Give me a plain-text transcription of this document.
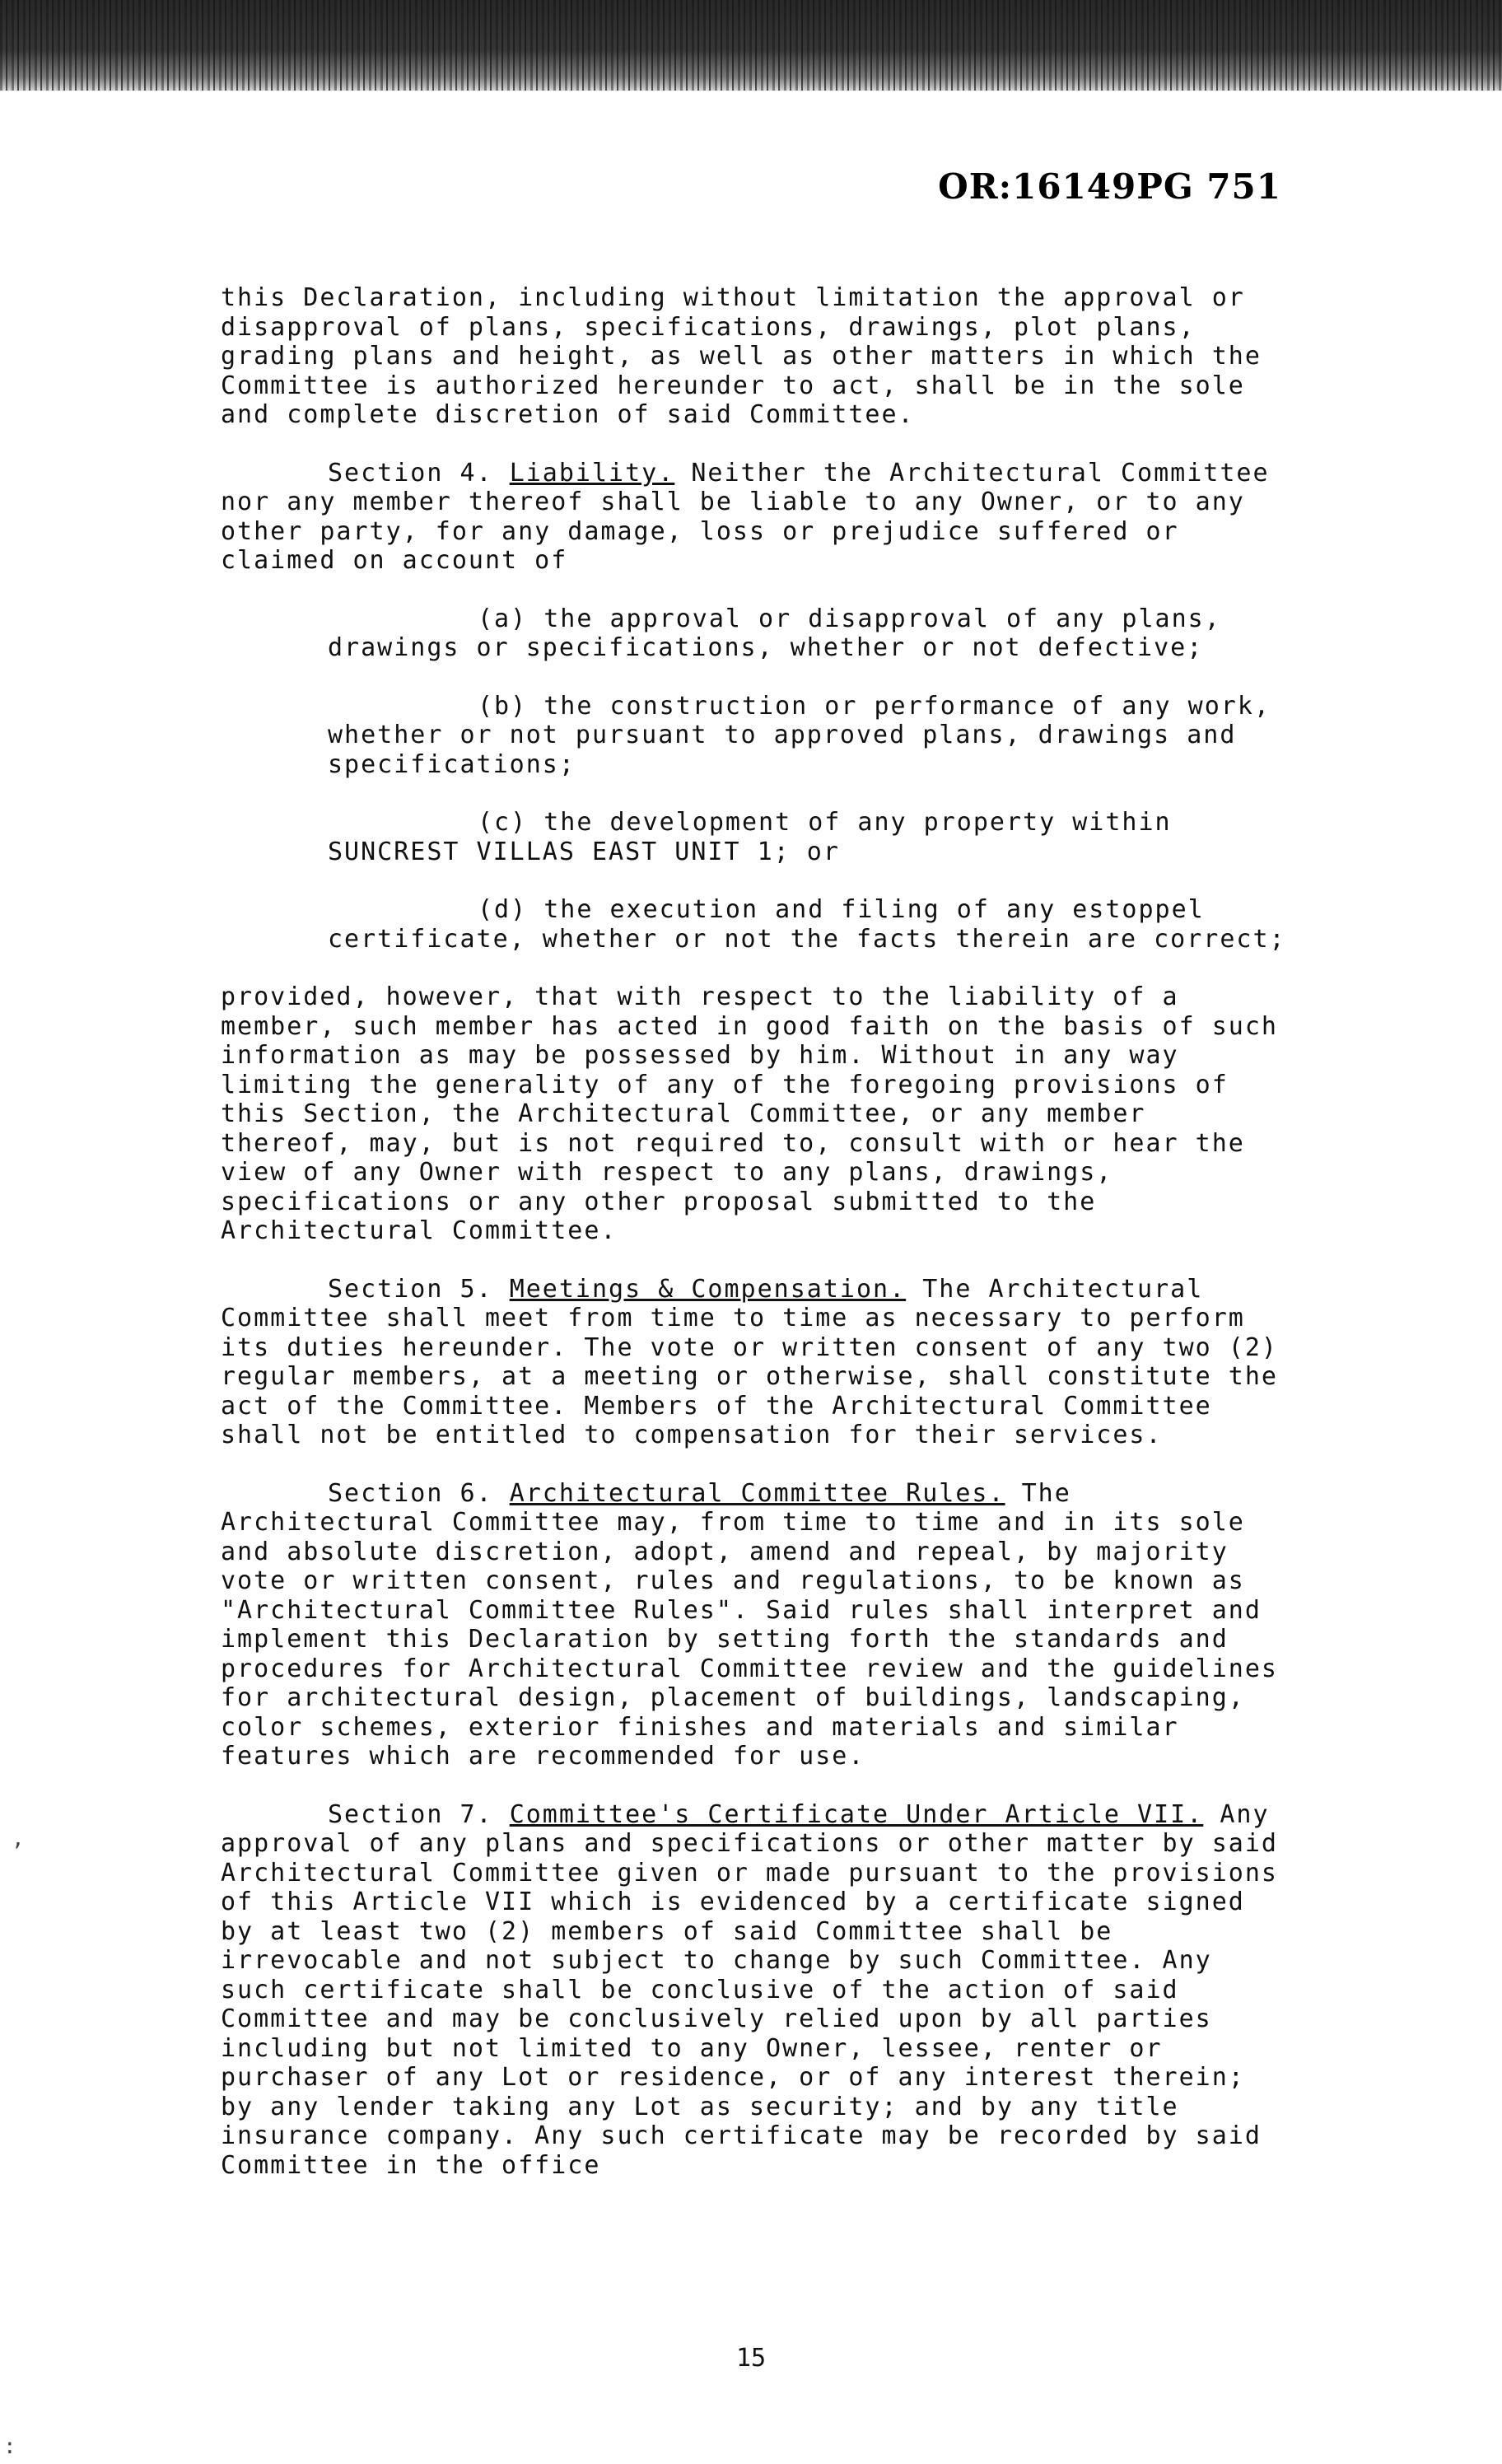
OR:16149PG 751

this Declaration, including without limitation the approval or disapproval of plans, specifications, drawings, plot plans, grading plans and height, as well as other matters in which the Committee is authorized hereunder to act, shall be in the sole and complete discretion of said Committee.

Section 4. Liability. Neither the Architectural Committee nor any member thereof shall be liable to any Owner, or to any other party, for any damage, loss or prejudice suffered or claimed on account of

(a) the approval or disapproval of any plans, drawings or specifications, whether or not defective;

(b) the construction or performance of any work, whether or not pursuant to approved plans, drawings and specifications;

(c) the development of any property within SUNCREST VILLAS EAST UNIT 1; or

(d) the execution and filing of any estoppel certificate, whether or not the facts therein are correct;

provided, however, that with respect to the liability of a member, such member has acted in good faith on the basis of such information as may be possessed by him. Without in any way limiting the generality of any of the foregoing provisions of this Section, the Architectural Committee, or any member thereof, may, but is not required to, consult with or hear the view of any Owner with respect to any plans, drawings, specifications or any other proposal submitted to the Architectural Committee.

Section 5. Meetings & Compensation. The Architectural Committee shall meet from time to time as necessary to perform its duties hereunder. The vote or written consent of any two (2) regular members, at a meeting or otherwise, shall constitute the act of the Committee. Members of the Architectural Committee shall not be entitled to compensation for their services.

Section 6. Architectural Committee Rules. The Architectural Committee may, from time to time and in its sole and absolute discretion, adopt, amend and repeal, by majority vote or written consent, rules and regulations, to be known as "Architectural Committee Rules". Said rules shall interpret and implement this Declaration by setting forth the standards and procedures for Architectural Committee review and the guidelines for architectural design, placement of buildings, landscaping, color schemes, exterior finishes and materials and similar features which are recommended for use.

Section 7. Committee's Certificate Under Article VII. Any approval of any plans and specifications or other matter by said Architectural Committee given or made pursuant to the provisions of this Article VII which is evidenced by a certificate signed by at least two (2) members of said Committee shall be irrevocable and not subject to change by such Committee. Any such certificate shall be conclusive of the action of said Committee and may be conclusively relied upon by all parties including but not limited to any Owner, lessee, renter or purchaser of any Lot or residence, or of any interest therein; by any lender taking any Lot as security; and by any title insurance company. Any such certificate may be recorded by said Committee in the office

15
,
:
